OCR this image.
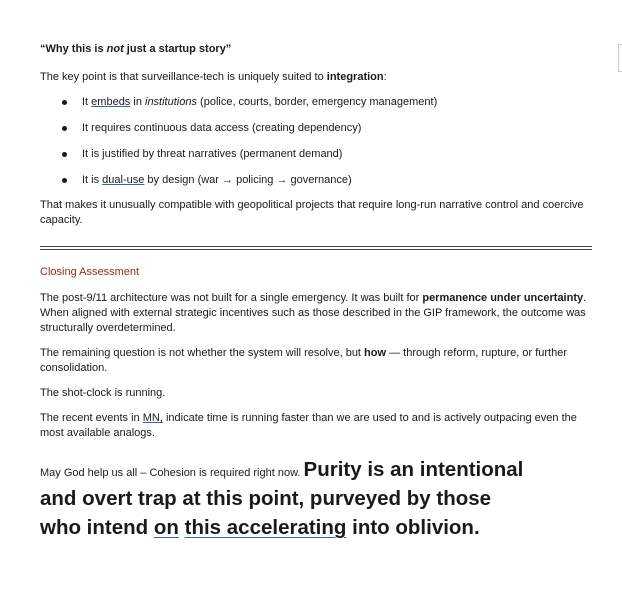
“Why this is not just a startup story”

The key point is that surveillance-tech is uniquely suited to integration:

It embeds in institutions (police, courts, border, emergency management)
It requires continuous data access (creating dependency)
It is justified by threat narratives (permanent demand)
It is dual-use by design (war → policing → governance)

That makes it unusually compatible with geopolitical projects that require long-run narrative control and coercive capacity.

Closing Assessment

The post-9/11 architecture was not built for a single emergency. It was built for permanence under uncertainty. When aligned with external strategic incentives such as those described in the GIP framework, the outcome was structurally overdetermined.

The remaining question is not whether the system will resolve, but how — through reform, rupture, or further consolidation.

The shot-clock is running.

The recent events in MN, indicate time is running faster than we are used to and is actively outpacing even the most available analogs.

May God help us all – Cohesion is required right now. Purity is an intentional

and overt trap at this point, purveyed by those

who intend on this accelerating into oblivion.
